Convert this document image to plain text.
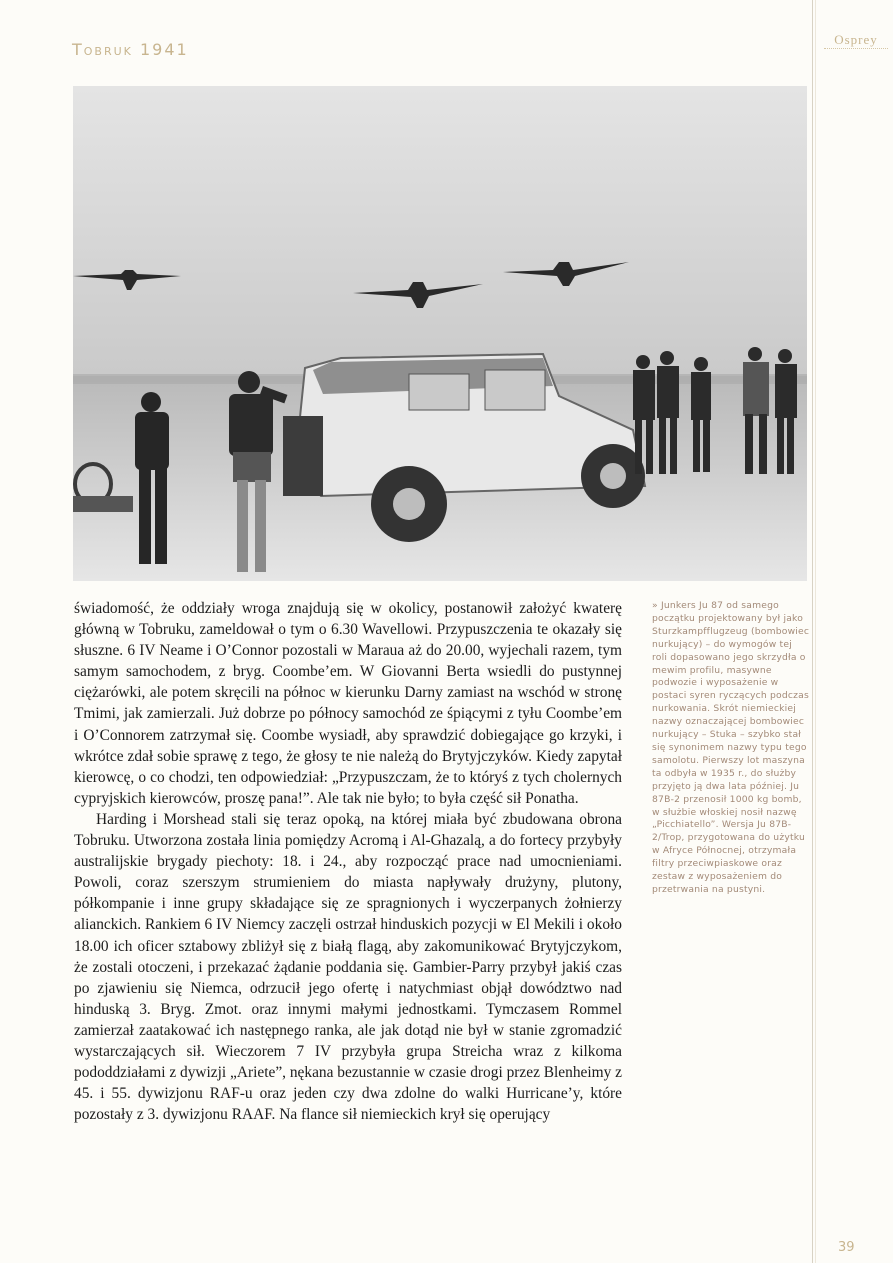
Tobruk 1941
Osprey

świadomość, że oddziały wroga znajdują się w okolicy, postanowił założyć kwaterę główną w Tobruku, zameldował o tym o 6.30 Wavellowi. Przypuszczenia te okazały się słuszne. 6 IV Neame i O’Connor pozostali w Maraua aż do 20.00, wyjechali razem, tym samym samochodem, z bryg. Coombe’em. W Giovanni Berta wsiedli do pustynnej ciężarówki, ale potem skręcili na północ w kierunku Darny zamiast na wschód w stronę Tmimi, jak zamierzali. Już dobrze po północy samochód ze śpiącymi z tyłu Coombe’em i O’Connorem zatrzymał się. Coombe wysiadł, aby sprawdzić dobiegające go krzyki, i wkrótce zdał sobie sprawę z tego, że głosy te nie należą do Brytyjczyków. Kiedy zapytał kierowcę, o co chodzi, ten odpowiedział: „Przypuszczam, że to któryś z tych cholernych cypryjskich kierowców, proszę pana!”. Ale tak nie było; to była część sił Ponatha.

Harding i Morshead stali się teraz opoką, na której miała być zbudowana obrona Tobruku. Utworzona została linia pomiędzy Acromą i Al-Ghazalą, a do fortecy przybyły australijskie brygady piechoty: 18. i 24., aby rozpocząć prace nad umocnieniami. Powoli, coraz szerszym strumieniem do miasta napływały drużyny, plutony, półkompanie i inne grupy składające się ze spragnionych i wyczerpanych żołnierzy alianckich. Rankiem 6 IV Niemcy zaczęli ostrzał hinduskich pozycji w El Mekili i około 18.00 ich oficer sztabowy zbliżył się z białą flagą, aby zakomunikować Brytyjczykom, że zostali otoczeni, i przekazać żądanie poddania się. Gambier-Parry przybył jakiś czas po zjawieniu się Niemca, odrzucił jego ofertę i natychmiast objął dowództwo nad hinduską 3. Bryg. Zmot. oraz innymi małymi jednostkami. Tymczasem Rommel zamierzał zaatakować ich następnego ranka, ale jak dotąd nie był w stanie zgromadzić wystarczających sił. Wieczorem 7 IV przybyła grupa Streicha wraz z kilkoma pododdziałami z dywizji „Ariete”, nękana bezustannie w czasie drogi przez Blenheimy z 45. i 55. dywizjonu RAF-u oraz jeden czy dwa zdolne do walki Hurricane’y, które pozostały z 3. dywizjonu RAAF. Na flance sił niemieckich krył się operujący

» Junkers Ju 87 od samego początku projektowany był jako Sturzkampfflugzeug (bombowiec nurkujący) – do wymogów tej roli dopasowano jego skrzydła o mewim profilu, masywne podwozie i wyposażenie w postaci syren ryczących podczas nurkowania. Skrót niemieckiej nazwy oznaczającej bombowiec nurkujący – Stuka – szybko stał się synonimem nazwy typu tego samolotu. Pierwszy lot maszyna ta odbyła w 1935 r., do służby przyjęto ją dwa lata później. Ju 87B-2 przenosił 1000 kg bomb, w służbie włoskiej nosił nazwę „Picchiatello”. Wersja Ju 87B-2/Trop, przygotowana do użytku w Afryce Północnej, otrzymała filtry przeciwpiaskowe oraz zestaw z wyposażeniem do przetrwania na pustyni.
39
